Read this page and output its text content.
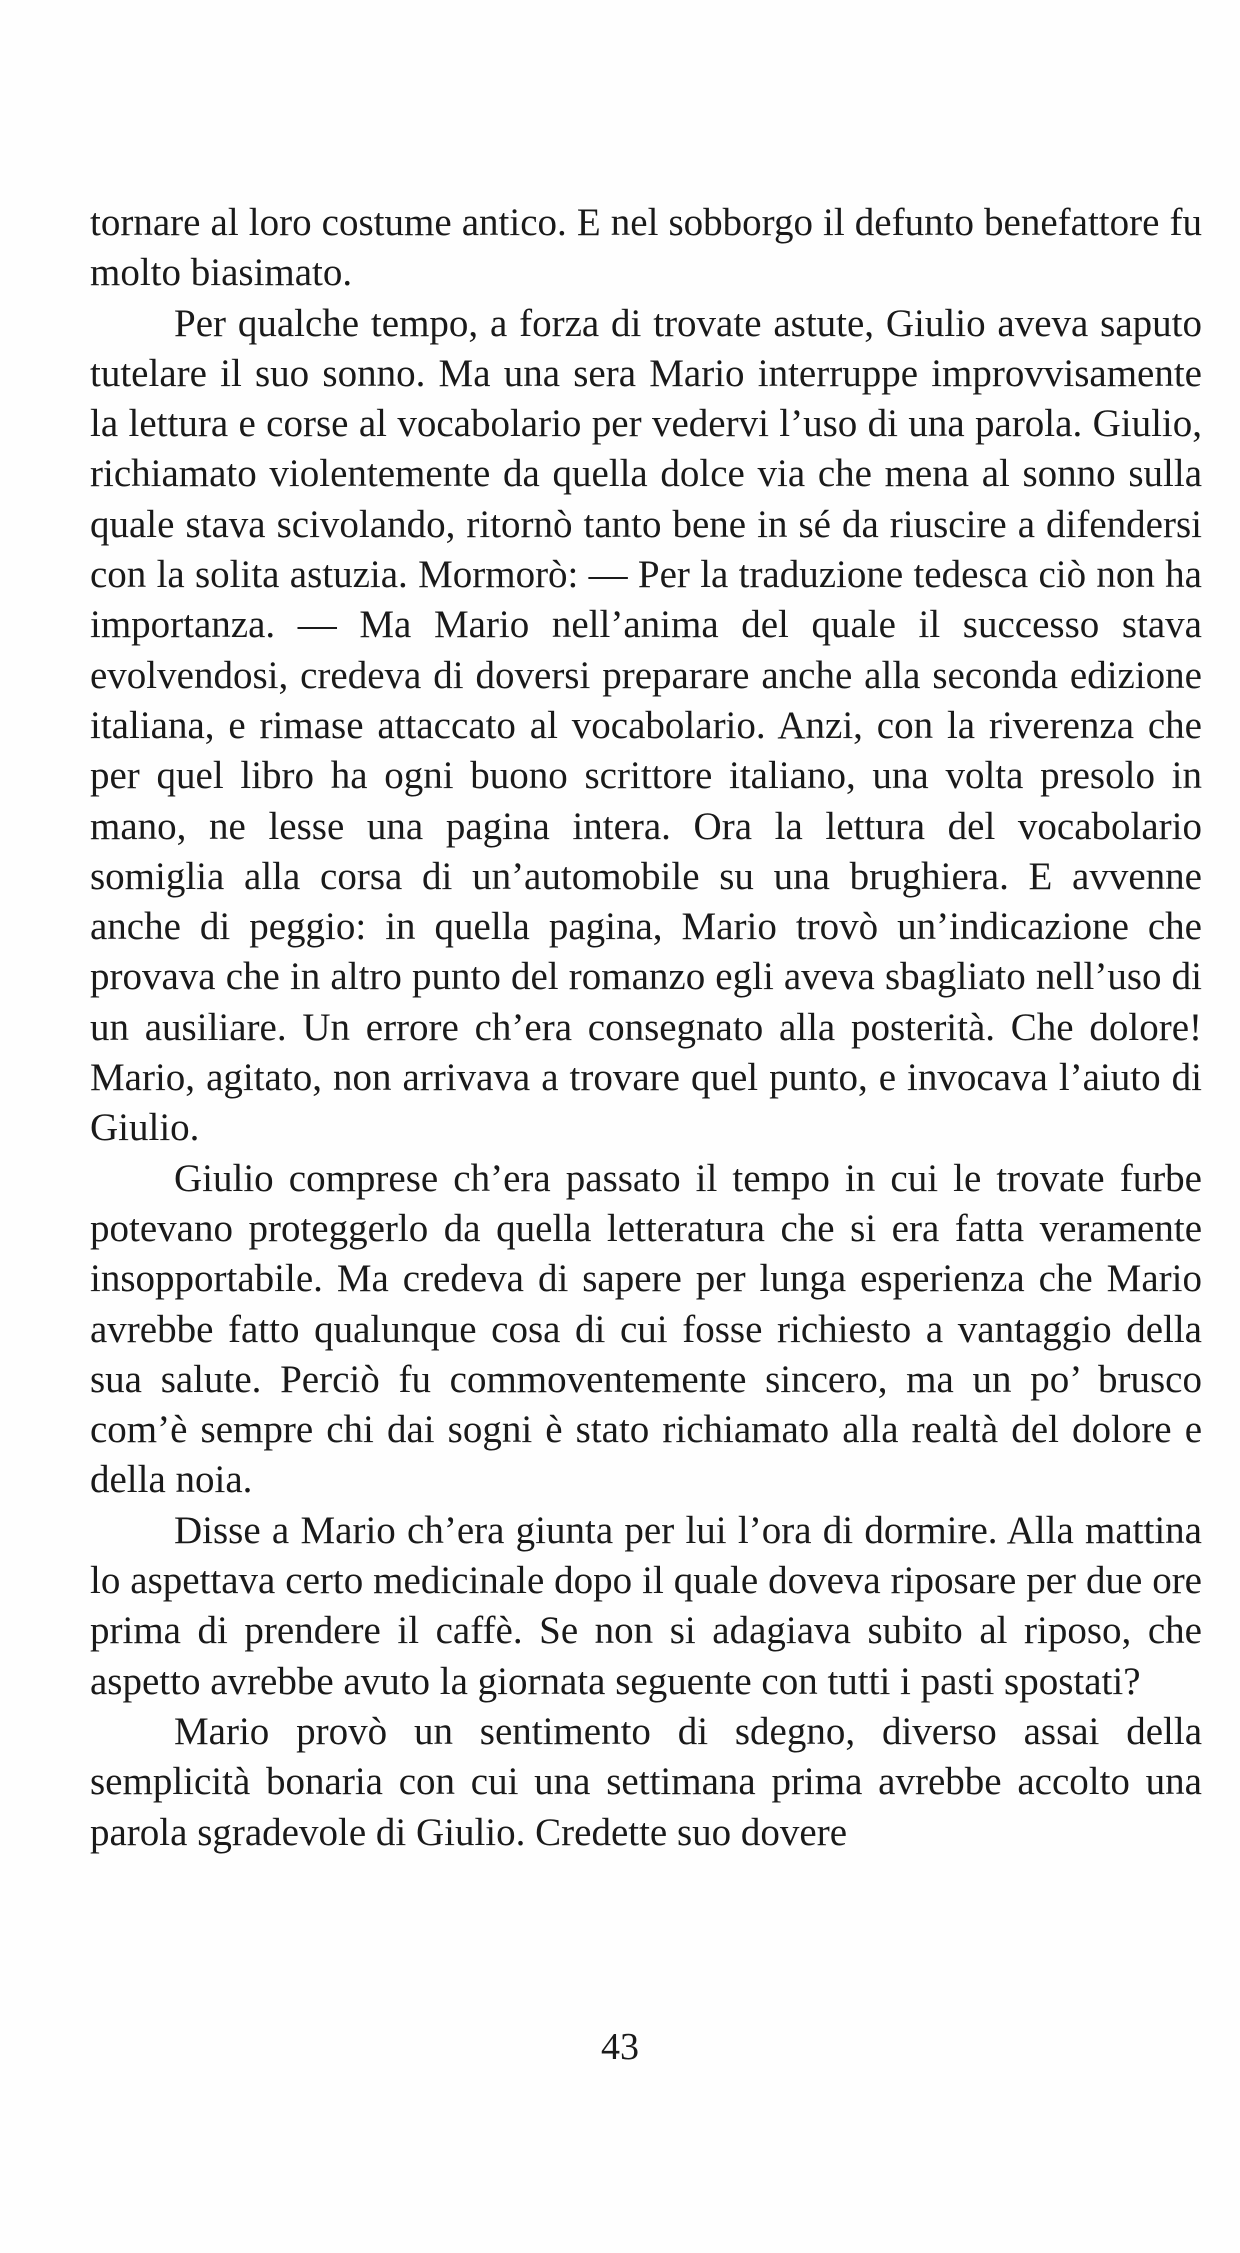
tornare al loro costume antico. E nel sobborgo il defunto benefattore fu molto biasimato.

Per qualche tempo, a forza di trovate astute, Giulio aveva saputo tutelare il suo sonno. Ma una sera Mario interruppe improvvisamente la lettura e corse al vocabolario per vedervi l’uso di una parola. Giulio, richiamato violentemente da quella dolce via che mena al sonno sulla quale stava scivolando, ritornò tanto bene in sé da riuscire a difendersi con la solita astuzia. Mormorò: — Per la traduzione tedesca ciò non ha importanza. — Ma Mario nell’anima del quale il successo stava evolvendosi, credeva di doversi preparare anche alla seconda edizione italiana, e rimase attaccato al vocabolario. Anzi, con la riverenza che per quel libro ha ogni buono scrittore italiano, una volta presolo in mano, ne lesse una pagina intera. Ora la lettura del vocabolario somiglia alla corsa di un’automobile su una brughiera. E avvenne anche di peggio: in quella pagina, Mario trovò un’indicazione che provava che in altro punto del romanzo egli aveva sbagliato nell’uso di un ausiliare. Un errore ch’era consegnato alla posterità. Che dolore! Mario, agitato, non arrivava a trovare quel punto, e invocava l’aiuto di Giulio.

Giulio comprese ch’era passato il tempo in cui le trovate furbe potevano proteggerlo da quella letteratura che si era fatta veramente insopportabile. Ma credeva di sapere per lunga esperienza che Mario avrebbe fatto qualunque cosa di cui fosse richiesto a vantaggio della sua salute. Perciò fu commoventemente sincero, ma un po’ brusco com’è sempre chi dai sogni è stato richiamato alla realtà del dolore e della noia.

Disse a Mario ch’era giunta per lui l’ora di dormire. Alla mattina lo aspettava certo medicinale dopo il quale doveva riposare per due ore prima di prendere il caffè. Se non si adagiava subito al riposo, che aspetto avrebbe avuto la giornata seguente con tutti i pasti spostati?

Mario provò un sentimento di sdegno, diverso assai della semplicità bonaria con cui una settimana prima avrebbe accolto una parola sgradevole di Giulio. Credette suo dovere

43
